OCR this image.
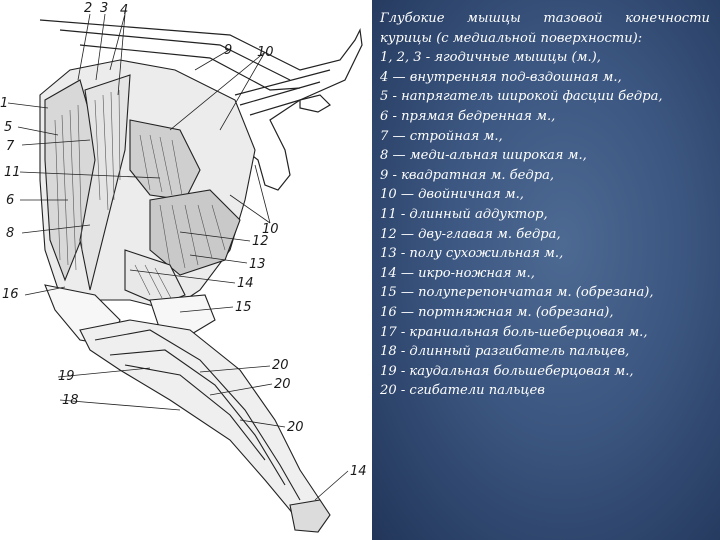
1
2 3 4
5
7
11
6
8
16
9 10
10
12
13
14
15
19
18
20
20
20
14

Глубокие мышцы тазовой конечности курицы (с медиальной поверхности):

1, 2, 3 - ягодичные мышцы (м.),

4 — внутренняя под-вздошная м.,

5 - напрягатель широкой фасции бедра,

6 - прямая бедренная м.,

7 — стройная м.,

8 — меди-альная широкая м.,

9 - квадратная м. бедра,

10 — двойничная м.,

11 - длинный аддуктор,

12 — дву-главая м. бедра,

13 - полу сухожильная м.,

14 — икро-ножная м.,

15 — полуперепончатая м. (обрезана),

16 — портняжная м. (обрезана),

17 - краниальная боль-шеберцовая м.,

18 - длинный разгибатель пальцев,

19 - каудальная большеберцовая м.,

20 - сгибатели пальцев
